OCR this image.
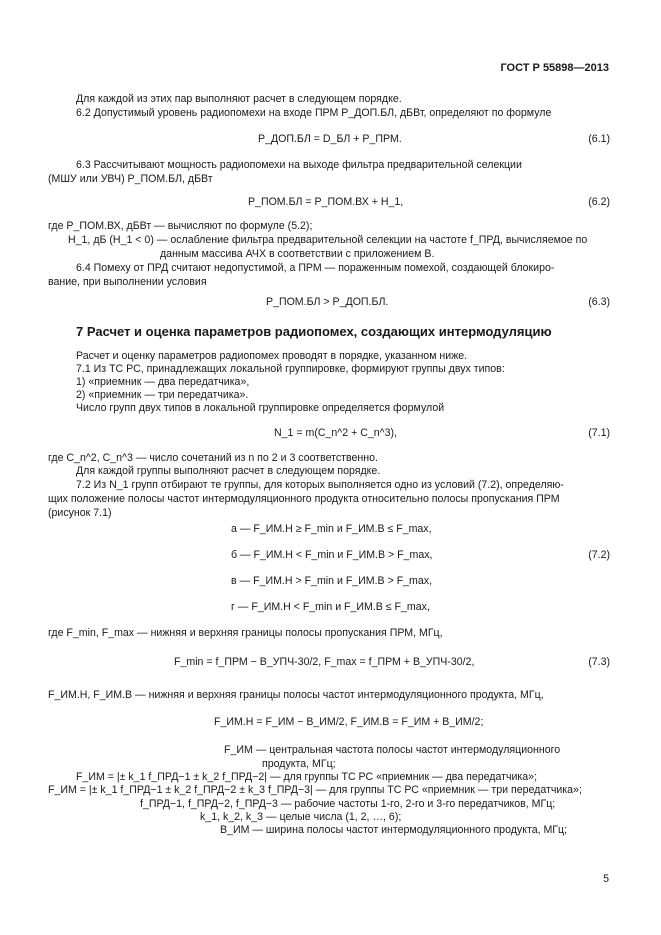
ГОСТ Р 55898—2013
Для каждой из этих пар выполняют расчет в следующем порядке.
6.2 Допустимый уровень радиопомехи на входе ПРМ P_ДОП.БЛ, дБВт, определяют по формуле
P_ДОП.БЛ = D_БЛ + P_ПРМ.	(6.1)
6.3 Рассчитывают мощность радиопомехи на выходе фильтра предварительной селекции
(МШУ или УВЧ) P_ПОМ.БЛ, дБВт
P_ПОМ.БЛ = P_ПОМ.ВХ + H_1,	(6.2)
где P_ПОМ.ВХ, дБВт — вычисляют по формуле (5.2);
H_1, дБ (H_1 < 0) — ослабление фильтра предварительной селекции на частоте f_ПРД, вычисляемое по
данным массива АЧХ в соответствии с приложением В.
6.4 Помеху от ПРД считают недопустимой, а ПРМ — пораженным помехой, создающей блокиро-
вание, при выполнении условия
P_ПОМ.БЛ > P_ДОП.БЛ.	(6.3)
7 Расчет и оценка параметров радиопомех, создающих интермодуляцию
Расчет и оценку параметров радиопомех проводят в порядке, указанном ниже.
7.1 Из ТС РС, принадлежащих локальной группировке, формируют группы двух типов:
1) «приемник — два передатчика»,
2) «приемник — три передатчика».
Число групп двух типов в локальной группировке определяется формулой
N_1 = m(C_n^2 + C_n^3),	(7.1)
где C_n^2, C_n^3 — число сочетаний из n по 2 и 3 соответственно.
Для каждой группы выполняют расчет в следующем порядке.
7.2 Из N_1 групп отбирают те группы, для которых выполняется одно из условий (7.2), определяю-
щих положение полосы частот интермодуляционного продукта относительно полосы пропускания ПРМ
(рисунок 7.1)
а — F_ИМ.Н ≥ F_min и F_ИМ.В ≤ F_max,
б — F_ИМ.Н < F_min и F_ИМ.В > F_max,
в — F_ИМ.Н > F_min и F_ИМ.В > F_max,
г — F_ИМ.Н < F_min и F_ИМ.В ≤ F_max,
(7.2)
где F_min, F_max — нижняя и верхняя границы полосы пропускания ПРМ, МГц,
F_min = f_ПРМ − B_УПЧ-30/2, F_max = f_ПРМ + B_УПЧ-30/2,	(7.3)
F_ИМ.Н, F_ИМ.В — нижняя и верхняя границы полосы частот интермодуляционного продукта, МГц,
F_ИМ.Н = F_ИМ − B_ИМ/2, F_ИМ.В = F_ИМ + B_ИМ/2;
F_ИМ — центральная частота полосы частот интермодуляционного
продукта, МГц;
F_ИМ = |± k_1 f_ПРД−1 ± k_2 f_ПРД−2| — для группы ТС РС «приемник — два передатчика»;
F_ИМ = |± k_1 f_ПРД−1 ± k_2 f_ПРД−2 ± k_3 f_ПРД−3| — для группы ТС РС «приемник — три передатчика»;
f_ПРД−1, f_ПРД−2, f_ПРД−3 — рабочие частоты 1-го, 2-го и 3-го передатчиков, МГц;
k_1, k_2, k_3 — целые числа (1, 2, …, 6);
B_ИМ — ширина полосы частот интермодуляционного продукта, МГц;
5
